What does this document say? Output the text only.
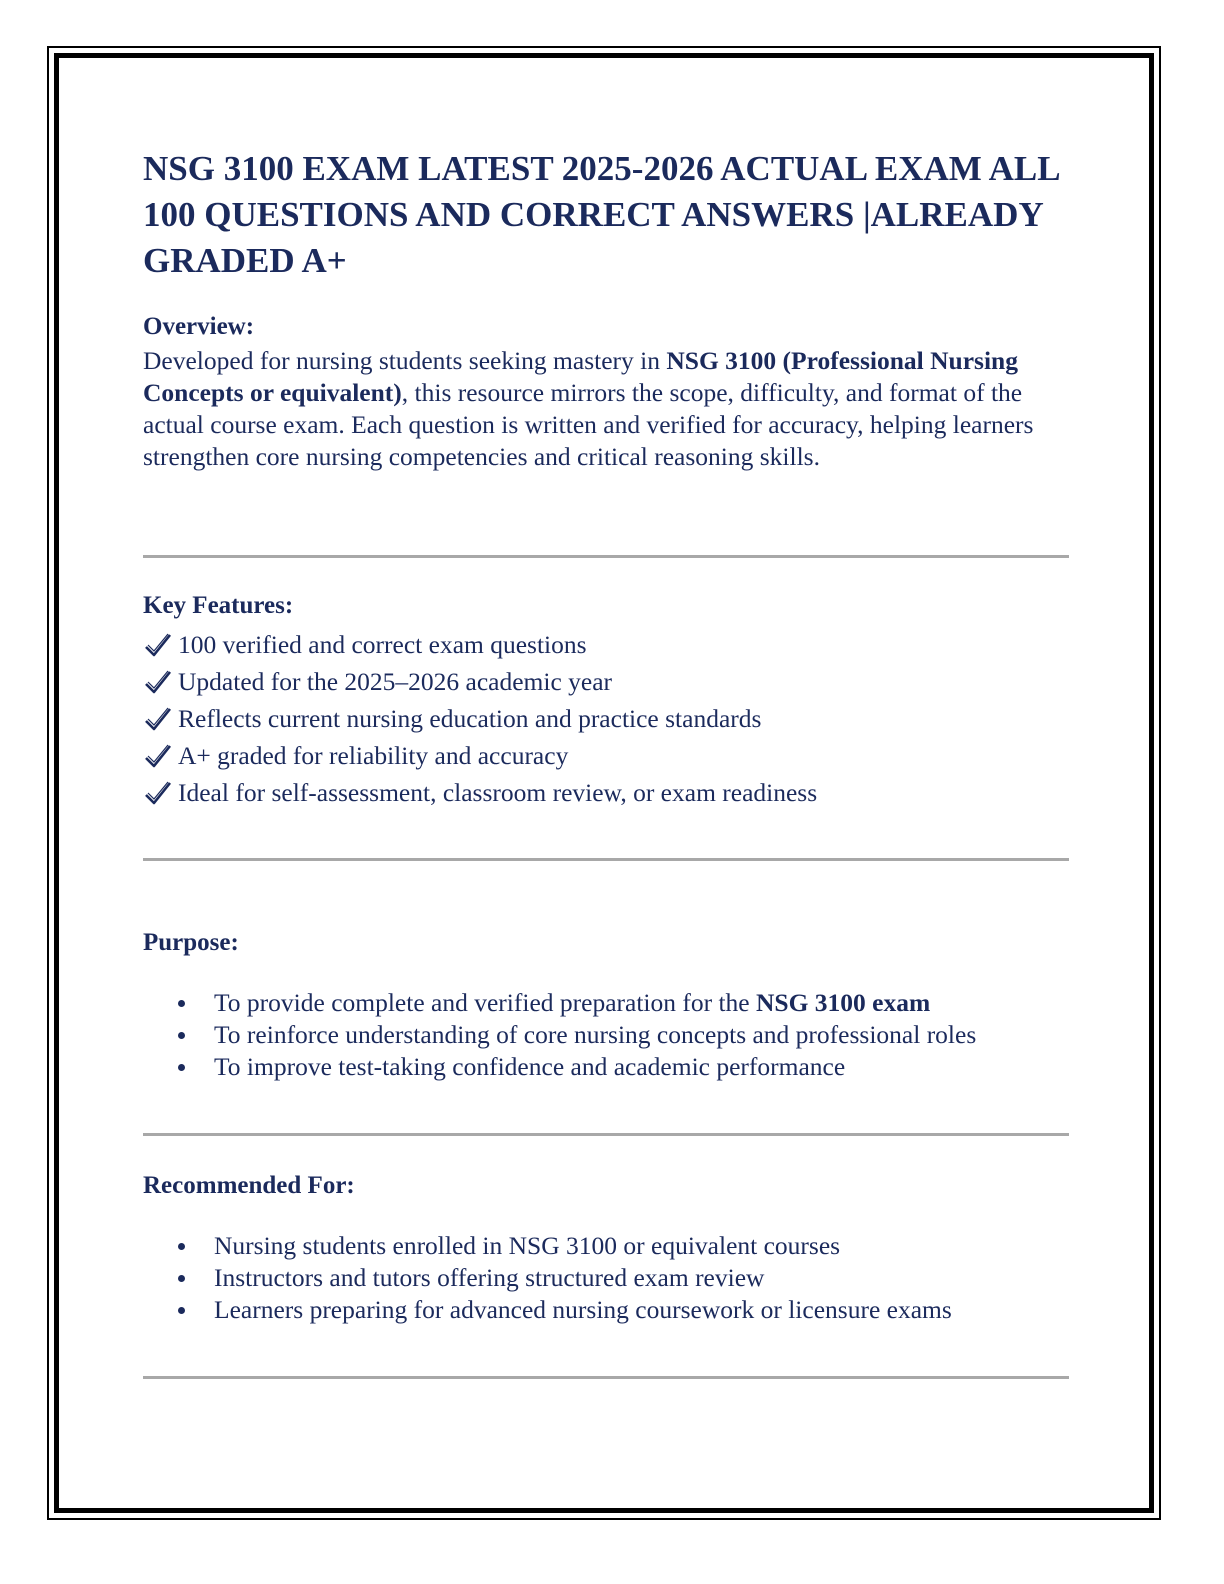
NSG 3100 EXAM LATEST 2025-2026 ACTUAL EXAM ALL 100 QUESTIONS AND CORRECT ANSWERS |ALREADY GRADED A+
Overview:

Developed for nursing students seeking mastery in NSG 3100 (Professional Nursing Concepts or equivalent), this resource mirrors the scope, difficulty, and format of the actual course exam. Each question is written and verified for accuracy, helping learners strengthen core nursing competencies and critical reasoning skills.

Key Features:
100 verified and correct exam questions
Updated for the 2025–2026 academic year
Reflects current nursing education and practice standards
A+ graded for reliability and accuracy
Ideal for self-assessment, classroom review, or exam readiness
Purpose:
To provide complete and verified preparation for the NSG 3100 exam
To reinforce understanding of core nursing concepts and professional roles
To improve test-taking confidence and academic performance
Recommended For:
Nursing students enrolled in NSG 3100 or equivalent courses
Instructors and tutors offering structured exam review
Learners preparing for advanced nursing coursework or licensure exams
